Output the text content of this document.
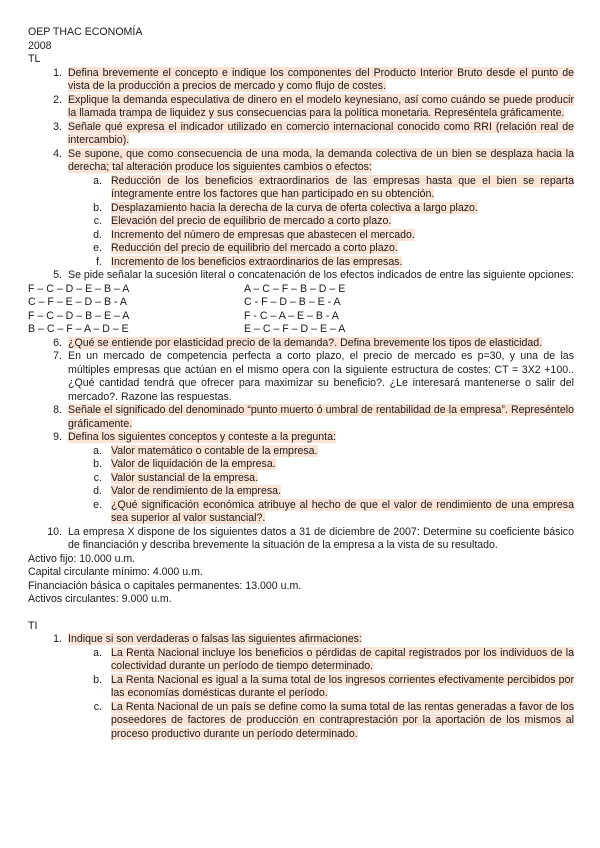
OEP THAC ECONOMÍA
2008
TL
1. Defina brevemente el concepto e indique los componentes del Producto Interior Bruto desde el punto de vista de la producción a precios de mercado y como flujo de costes.
2. Explique la demanda especulativa de dinero en el modelo keynesiano, así como cuándo se puede producir la llamada trampa de liquidez y sus consecuencias para la política monetaria. Represéntela gráficamente.
3. Señale qué expresa el indicador utilizado en comercio internacional conocido como RRI (relación real de intercambio).
4. Se supone, que como consecuencia de una moda, la demanda colectiva de un bien se desplaza hacia la derecha; tal alteración produce los siguientes cambios o efectos:
a. Reducción de los beneficios extraordinarios de las empresas hasta que el bien se reparta íntegramente entre los factores que han participado en su obtención.
b. Desplazamiento hacia la derecha de la curva de oferta colectiva a largo plazo.
c. Elevación del precio de equilibrio de mercado a corto plazo.
d. Incremento del número de empresas que abastecen el mercado.
e. Reducción del precio de equilibrio del mercado a corto plazo.
f. Incremento de los beneficios extraordinarios de las empresas.
5. Se pide señalar la sucesión literal o concatenación de los efectos indicados de entre las siguiente opciones:
F – C – D – E – B – A	A – C – F – B – D – E
C – F – E – D – B - A	C - F – D – B – E - A
F – C – D – B – E – A	F - C – A – E – B - A
B – C – F – A – D – E	E – C – F – D – E – A
6. ¿Qué se entiende por elasticidad precio de la demanda?. Defina brevemente los tipos de elasticidad.
7. En un mercado de competencia perfecta a corto plazo, el precio de mercado es p=30, y una de las múltiples empresas que actúan en el mismo opera con la siguiente estructura de costes: CT = 3X2 +100.. ¿Qué cantidad tendrá que ofrecer para maximizar su beneficio?. ¿Le interesará mantenerse o salir del mercado?. Razone las respuestas.
8. Señale el significado del denominado “punto muerto ó umbral de rentabilidad de la empresa”. Represéntelo gráficamente.
9. Defina los siguientes conceptos y conteste a la pregunta:
a. Valor matemático o contable de la empresa.
b. Valor de liquidación de la empresa.
c. Valor sustancial de la empresa.
d. Valor de rendimiento de la empresa.
e. ¿Qué significación económica atribuye al hecho de que el valor de rendimiento de una empresa sea superior al valor sustancial?.
10. La empresa X dispone de los siguientes datos a 31 de diciembre de 2007: Determine su coeficiente básico de financiación y describa brevemente la situación de la empresa a la vista de su resultado.
Activo fijo: 10.000 u.m.
Capital circulante mínimo: 4.000 u.m.
Financiación básica o capitales permanentes: 13.000 u.m.
Activos circulantes: 9.000 u.m.
TI
1. Indique si son verdaderas o falsas las siguientes afirmaciones:
a. La Renta Nacional incluye los beneficios o pérdidas de capital registrados por los individuos de la colectividad durante un período de tiempo determinado.
b. La Renta Nacional es igual a la suma total de los ingresos corrientes efectivamente percibidos por las economías domésticas durante el período.
c. La Renta Nacional de un país se define como la suma total de las rentas generadas a favor de los poseedores de factores de producción en contraprestación por la aportación de los mismos al proceso productivo durante un período determinado.
